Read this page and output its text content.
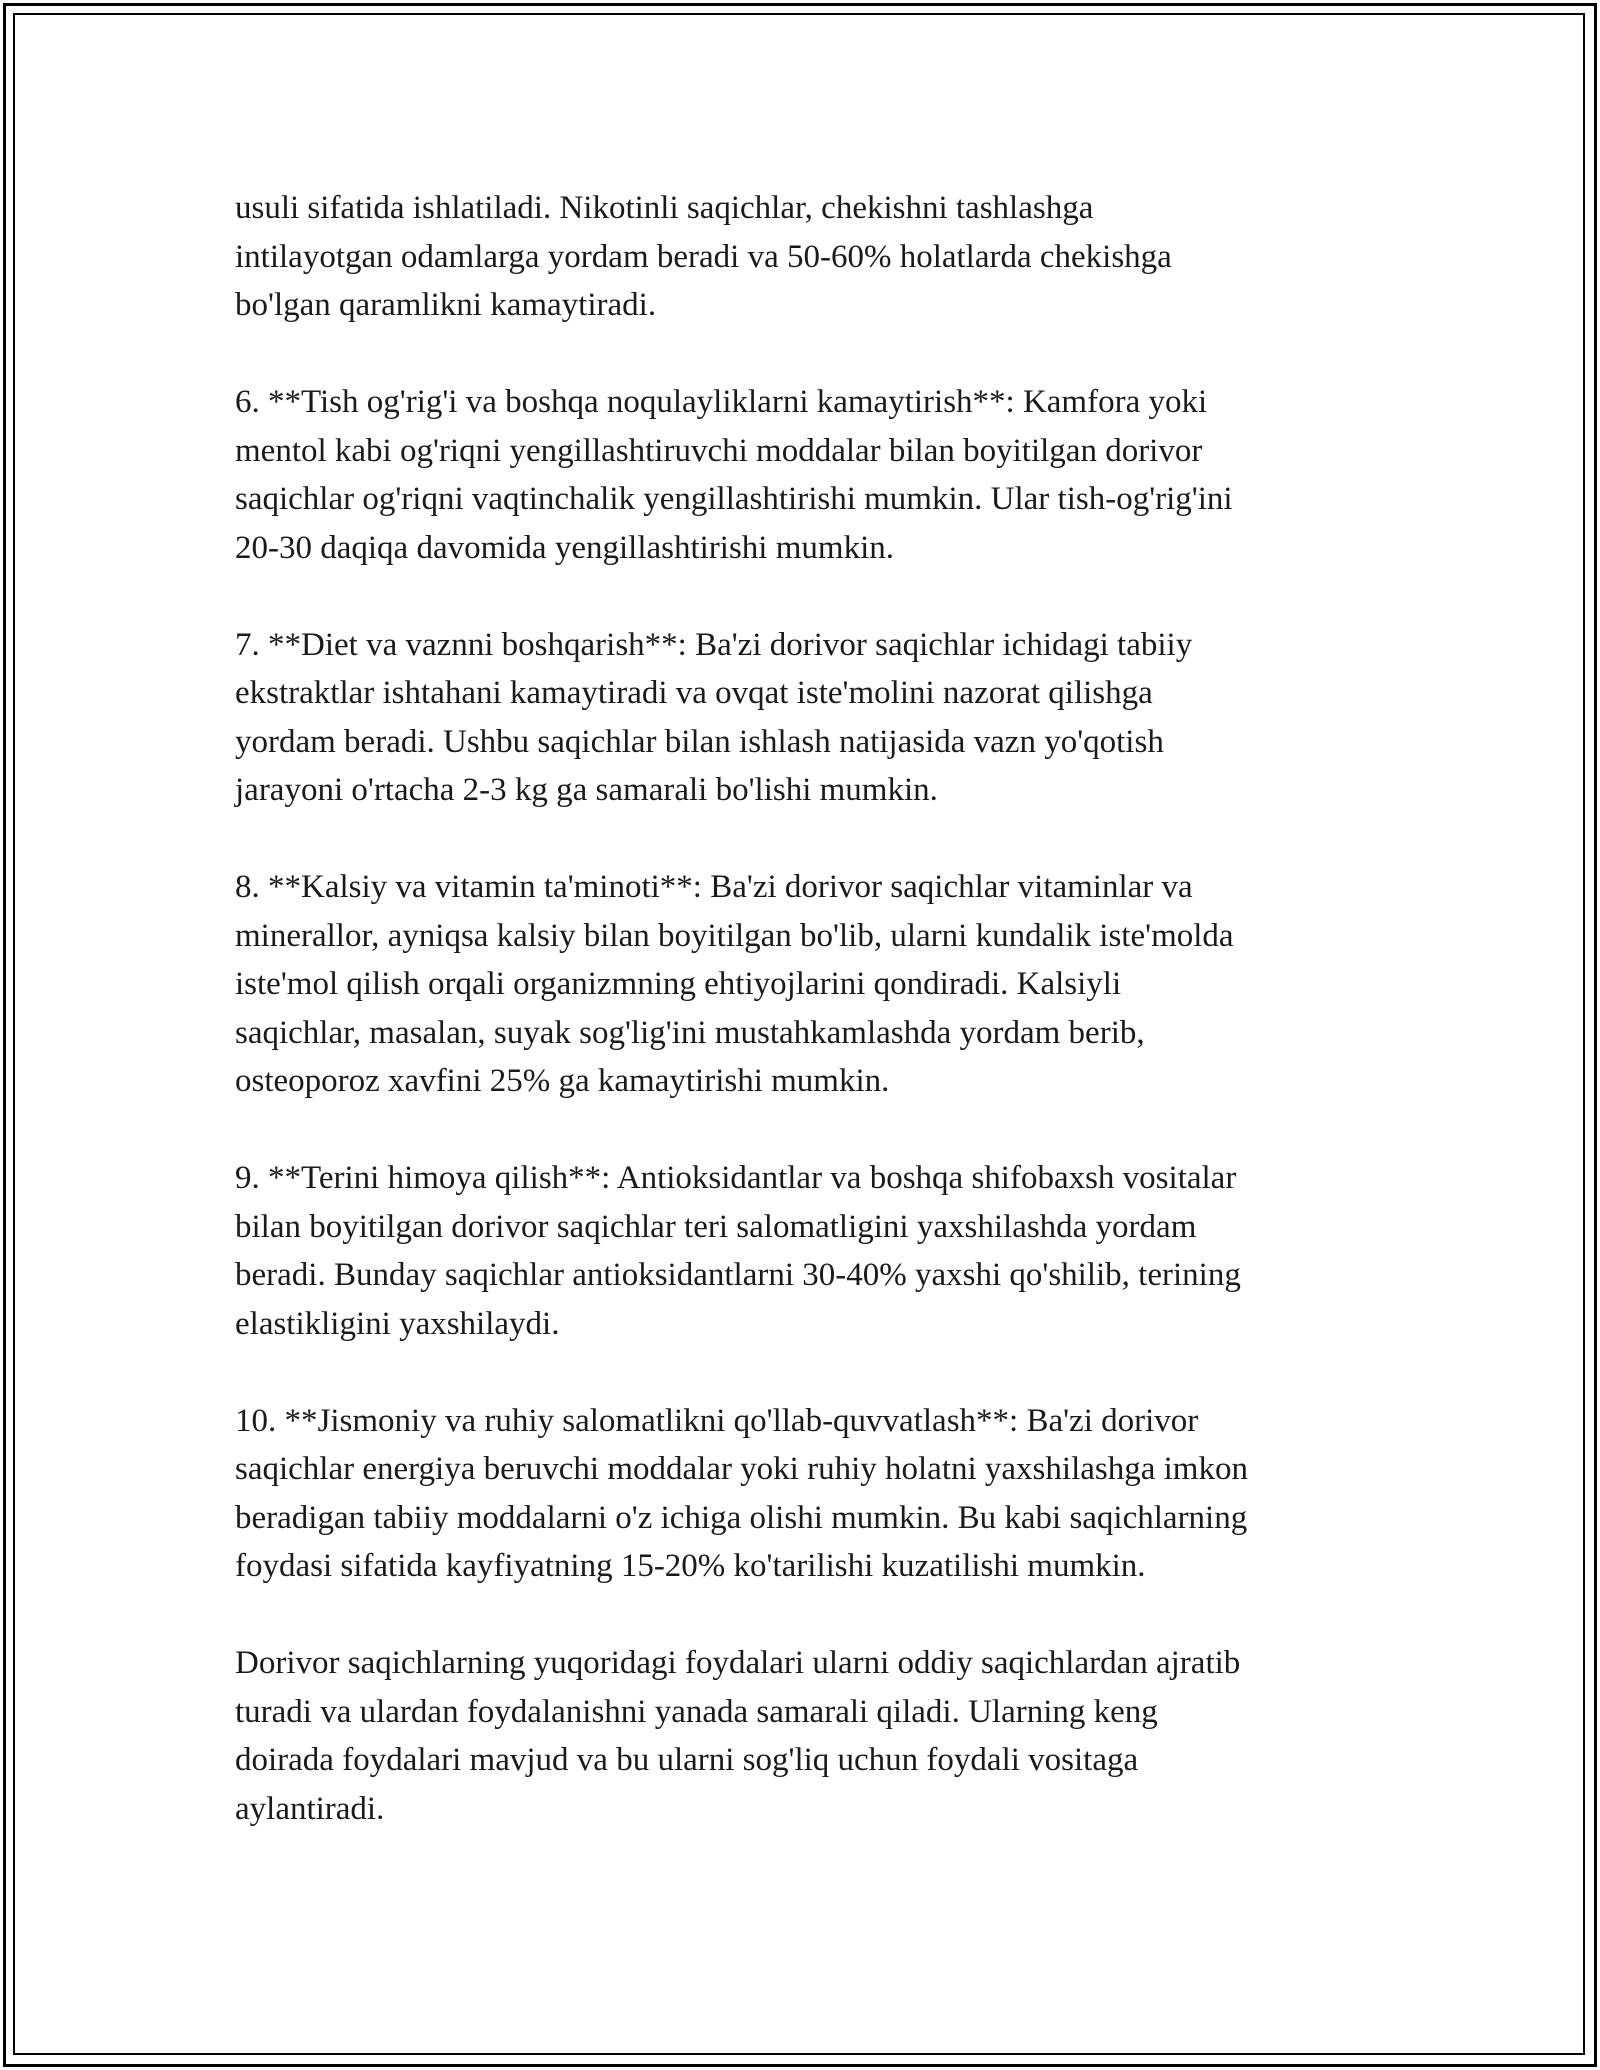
usuli sifatida ishlatiladi. Nikotinli saqichlar, chekishni tashlashga
intilayotgan odamlarga yordam beradi va 50-60% holatlarda chekishga
bo'lgan qaramlikni kamaytiradi.

6. **Tish og'rig'i va boshqa noqulayliklarni kamaytirish**: Kamfora yoki
mentol kabi og'riqni yengillashtiruvchi moddalar bilan boyitilgan dorivor
saqichlar og'riqni vaqtinchalik yengillashtirishi mumkin. Ular tish-og'rig'ini
20-30 daqiqa davomida yengillashtirishi mumkin.

7. **Diet va vaznni boshqarish**: Ba'zi dorivor saqichlar ichidagi tabiiy
ekstraktlar ishtahani kamaytiradi va ovqat iste'molini nazorat qilishga
yordam beradi. Ushbu saqichlar bilan ishlash natijasida vazn yo'qotish
jarayoni o'rtacha 2-3 kg ga samarali bo'lishi mumkin.

8. **Kalsiy va vitamin ta'minoti**: Ba'zi dorivor saqichlar vitaminlar va
minerallor, ayniqsa kalsiy bilan boyitilgan bo'lib, ularni kundalik iste'molda
iste'mol qilish orqali organizmning ehtiyojlarini qondiradi. Kalsiyli
saqichlar, masalan, suyak sog'lig'ini mustahkamlashda yordam berib,
osteoporoz xavfini 25% ga kamaytirishi mumkin.

9. **Terini himoya qilish**: Antioksidantlar va boshqa shifobaxsh vositalar
bilan boyitilgan dorivor saqichlar teri salomatligini yaxshilashda yordam
beradi. Bunday saqichlar antioksidantlarni 30-40% yaxshi qo'shilib, terining
elastikligini yaxshilaydi.

10. **Jismoniy va ruhiy salomatlikni qo'llab-quvvatlash**: Ba'zi dorivor
saqichlar energiya beruvchi moddalar yoki ruhiy holatni yaxshilashga imkon
beradigan tabiiy moddalarni o'z ichiga olishi mumkin. Bu kabi saqichlarning
foydasi sifatida kayfiyatning 15-20% ko'tarilishi kuzatilishi mumkin.

Dorivor saqichlarning yuqoridagi foydalari ularni oddiy saqichlardan ajratib
turadi va ulardan foydalanishni yanada samarali qiladi. Ularning keng
doirada foydalari mavjud va bu ularni sog'liq uchun foydali vositaga
aylantiradi.
